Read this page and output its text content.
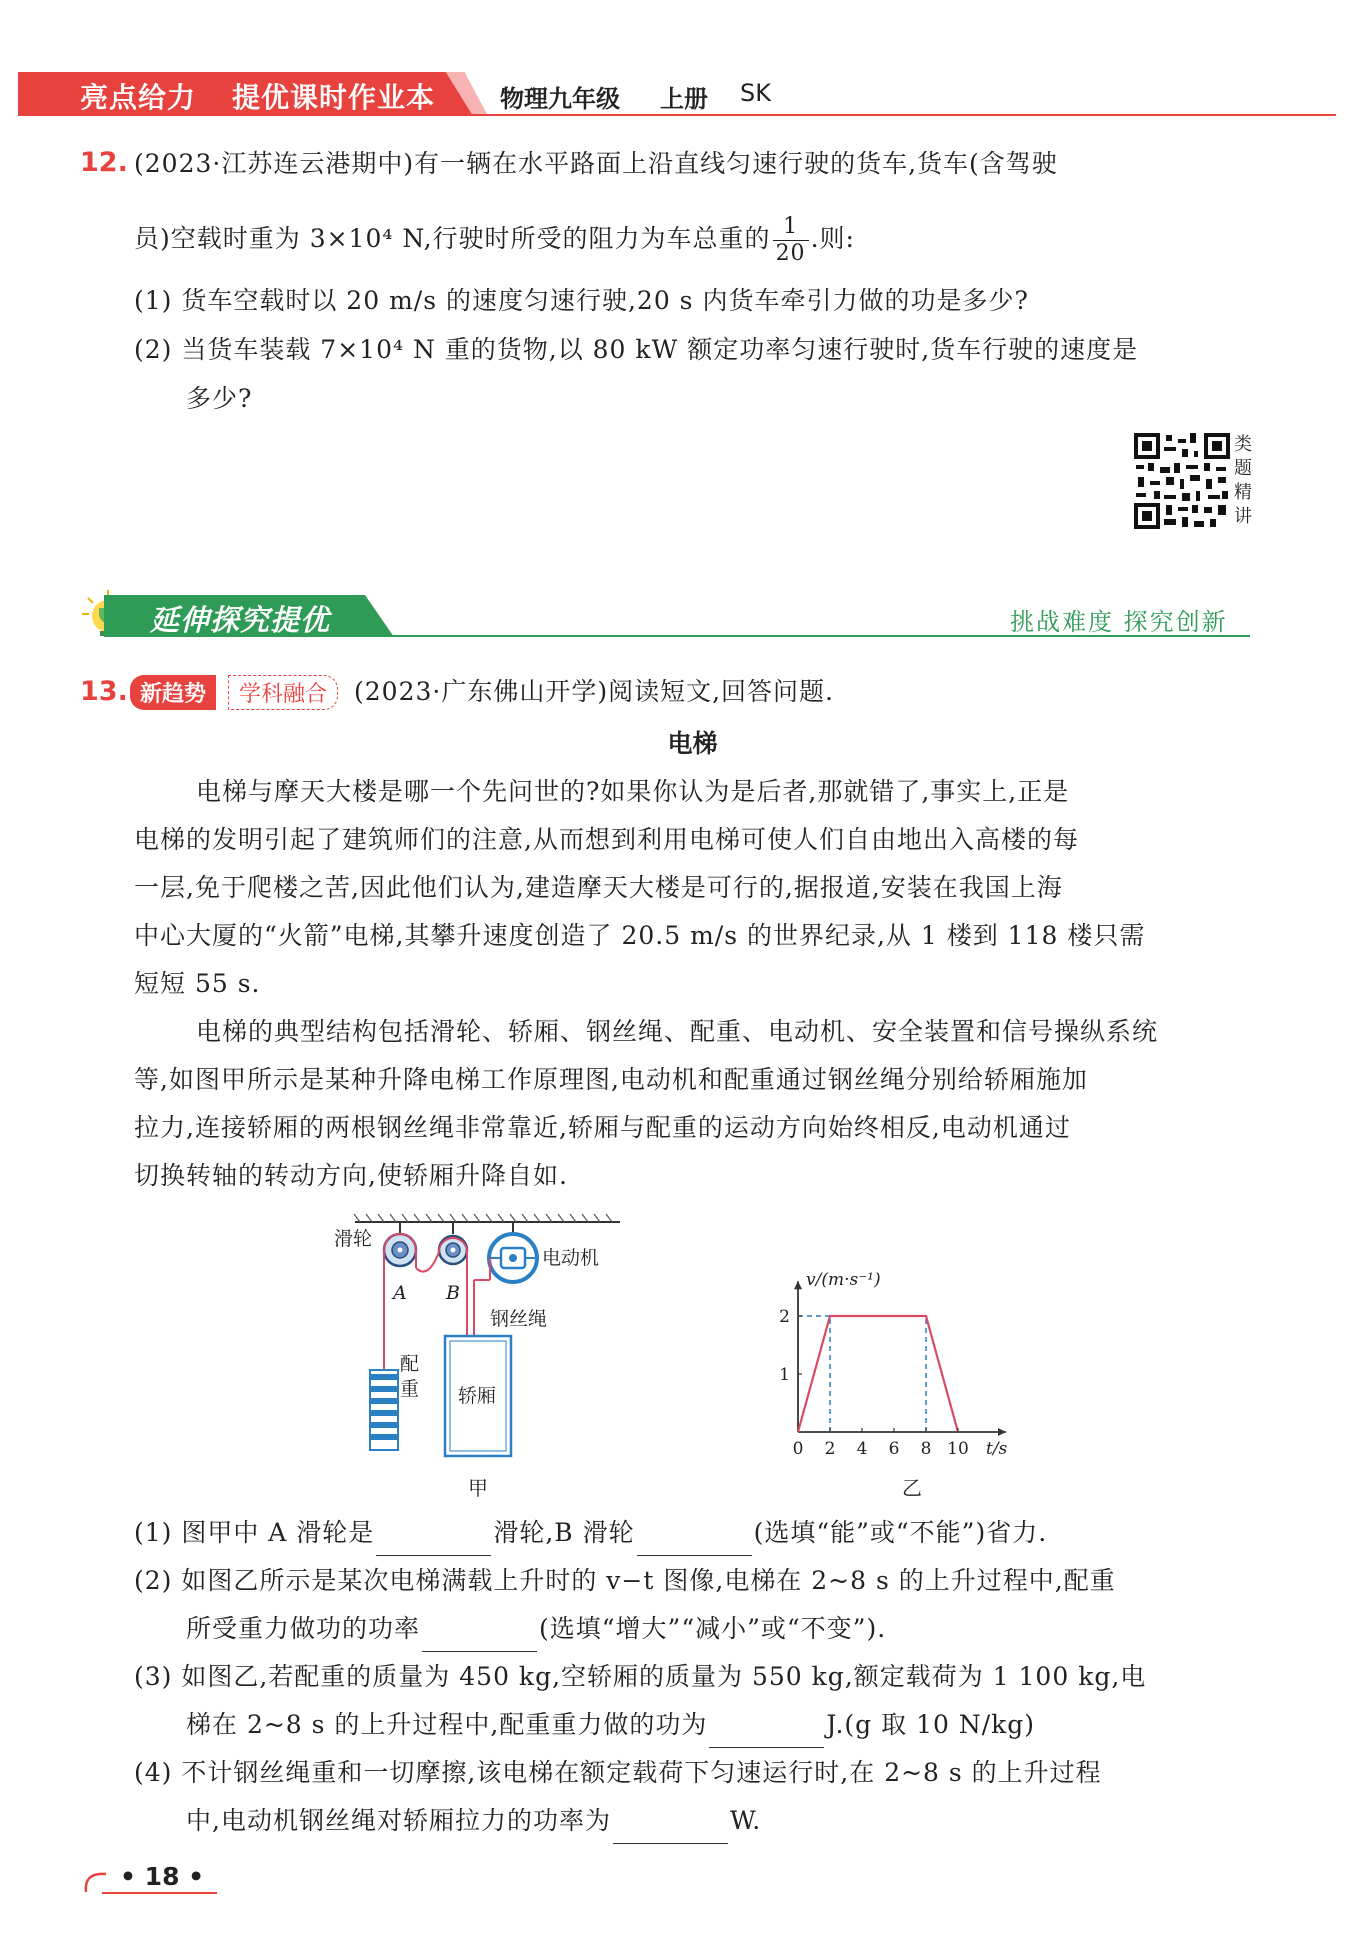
亮点给力 提优课时作业本	物理九年级 上册 SK
12. (2023·江苏连云港期中)有一辆在水平路面上沿直线匀速行驶的货车,货车(含驾驶
员)空载时重为 3×10⁴ N,行驶时所受的阻力为车总重的 $\frac{1}{20}$ .则:
(1) 货车空载时以 20 m/s 的速度匀速行驶,20 s 内货车牵引力做的功是多少?
(2) 当货车装载 7×10⁴ N 重的货物,以 80 kW 额定功率匀速行驶时,货车行驶的速度是
多少?
类
题
精
讲
延伸探究提优	挑战难度 探究创新
13. 新趋势	学科融合	(2023·广东佛山开学)阅读短文,回答问题.
电梯
电梯与摩天大楼是哪一个先问世的?如果你认为是后者,那就错了,事实上,正是
电梯的发明引起了建筑师们的注意,从而想到利用电梯可使人们自由地出入高楼的每
一层,免于爬楼之苦,因此他们认为,建造摩天大楼是可行的,据报道,安装在我国上海
中心大厦的“火箭”电梯,其攀升速度创造了 20.5 m/s 的世界纪录,从 1 楼到 118 楼只需
短短 55 s.
电梯的典型结构包括滑轮、轿厢、钢丝绳、配重、电动机、安全装置和信号操纵系统
等,如图甲所示是某种升降电梯工作原理图,电动机和配重通过钢丝绳分别给轿厢施加
拉力,连接轿厢的两根钢丝绳非常靠近,轿厢与配重的运动方向始终相反,电动机通过
切换转轴的转动方向,使轿厢升降自如.
滑轮
A B
电动机
钢丝绳
轿厢
配重
甲
0 2 4 6 8 10
1
2
v/(m·s⁻¹)
t/s
乙
(1) 图甲中 A 滑轮是	滑轮,B 滑轮	(选填“能”或“不能”)省力.
(2) 如图乙所示是某次电梯满载上升时的 v−t 图像,电梯在 2~8 s 的上升过程中,配重
所受重力做功的功率	(选填“增大”“减小”或“不变”).
(3) 如图乙,若配重的质量为 450 kg,空轿厢的质量为 550 kg,额定载荷为 1 100 kg,电
梯在 2~8 s 的上升过程中,配重重力做的功为	J.(g 取 10 N/kg)
(4) 不计钢丝绳重和一切摩擦,该电梯在额定载荷下匀速运行时,在 2~8 s 的上升过程
中,电动机钢丝绳对轿厢拉力的功率为	W.
• 18 •
